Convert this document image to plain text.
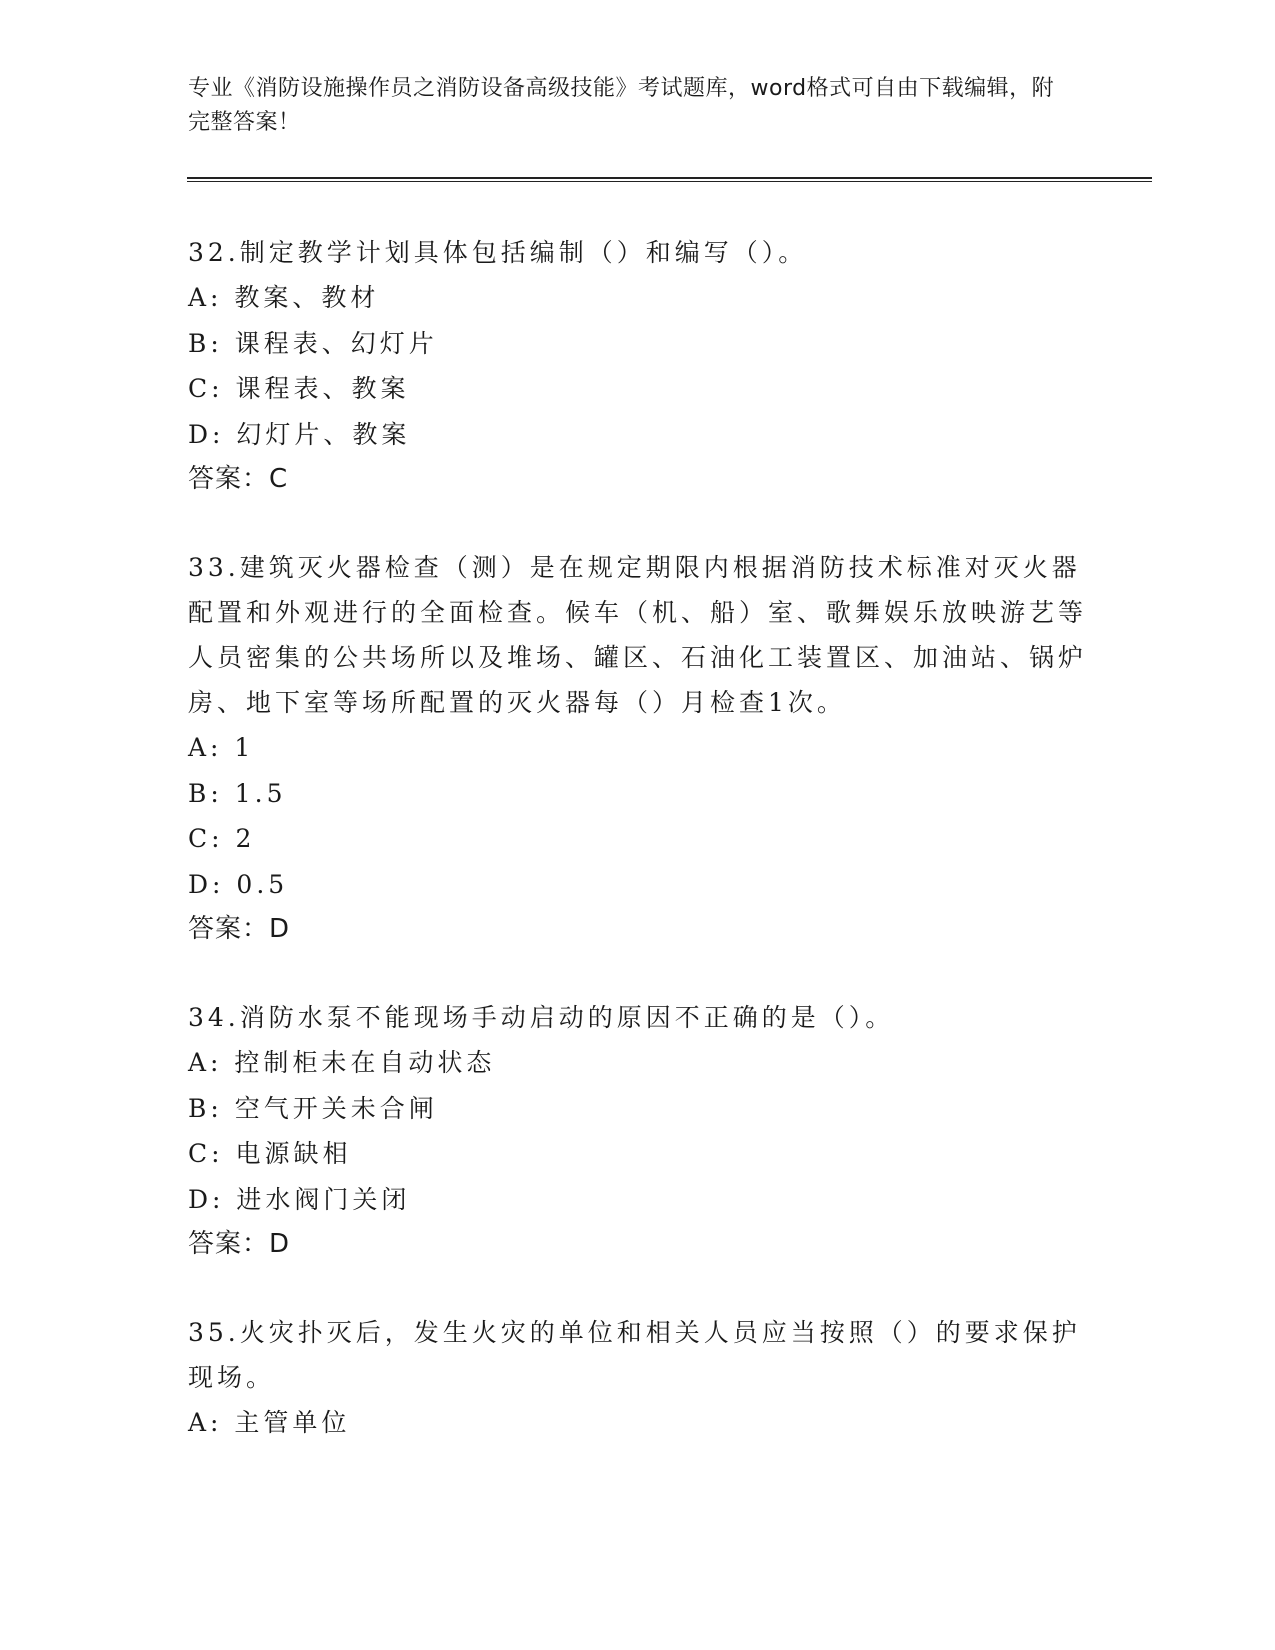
专业《消防设施操作员之消防设备高级技能》考试题库，word格式可自由下载编辑，附完整答案！

32.制定教学计划具体包括编制（）和编写（）。

A: 教案、教材

B: 课程表、幻灯片

C: 课程表、教案

D: 幻灯片、教案

答案：C

33.建筑灭火器检查（测）是在规定期限内根据消防技术标准对灭火器配置和外观进行的全面检查。候车（机、船）室、歌舞娱乐放映游艺等人员密集的公共场所以及堆场、罐区、石油化工装置区、加油站、锅炉房、地下室等场所配置的灭火器每（）月检查1次。

A: 1

B: 1.5

C: 2

D: 0.5

答案：D

34.消防水泵不能现场手动启动的原因不正确的是（）。

A: 控制柜未在自动状态

B: 空气开关未合闸

C: 电源缺相

D: 进水阀门关闭

答案：D

35.火灾扑灭后，发生火灾的单位和相关人员应当按照（）的要求保护现场。

A: 主管单位
